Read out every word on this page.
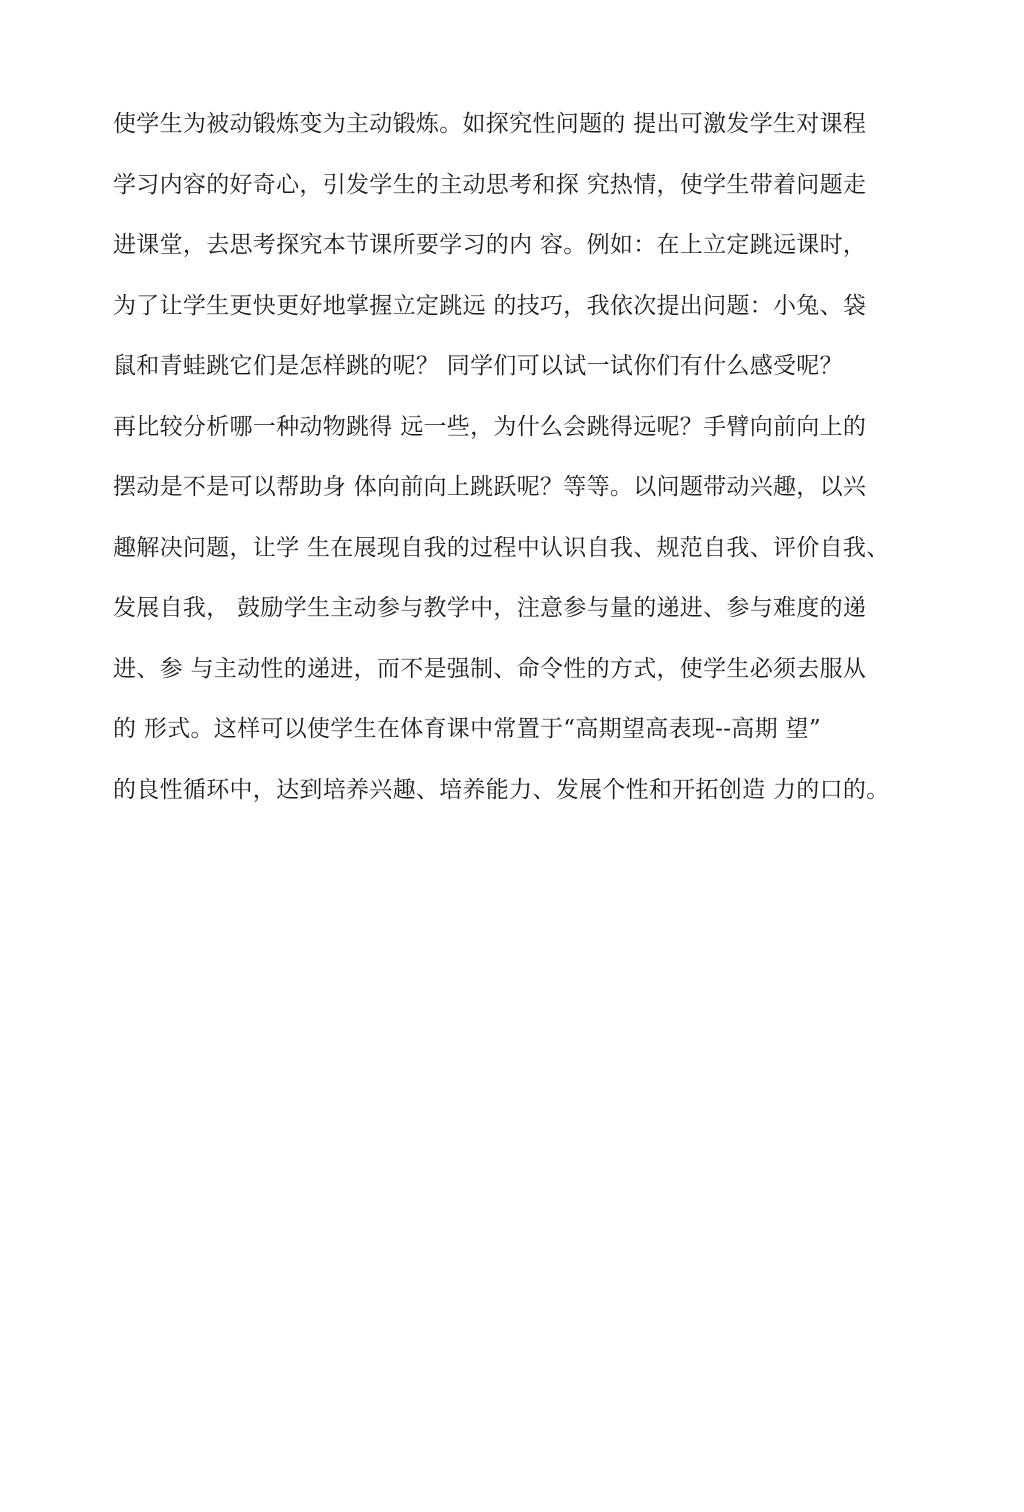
使学生为被动锻炼变为主动锻炼。如探究性问题的 提出可激发学生对课程
学习内容的好奇心，引发学生的主动思考和探 究热情，使学生带着问题走
进课堂，去思考探究本节课所要学习的内 容。例如：在上立定跳远课时，
为了让学生更快更好地掌握立定跳远 的技巧，我依次提出问题：小兔、袋
鼠和青蛙跳它们是怎样跳的呢？ 同学们可以试一试你们有什么感受呢？
再比较分析哪一种动物跳得 远一些，为什么会跳得远呢？手臂向前向上的
摆动是不是可以帮助身 体向前向上跳跃呢？等等。以问题带动兴趣，以兴
趣解决问题，让学 生在展现自我的过程中认识自我、规范自我、评价自我、
发展自我， 鼓励学生主动参与教学中，注意参与量的递进、参与难度的递
进、参 与主动性的递进，而不是强制、命令性的方式，使学生必须去服从
的 形式。这样可以使学生在体育课中常置于“高期望高表现--高期 望”
的良性循环中，达到培养兴趣、培养能力、发展个性和开拓创造 力的口的。
